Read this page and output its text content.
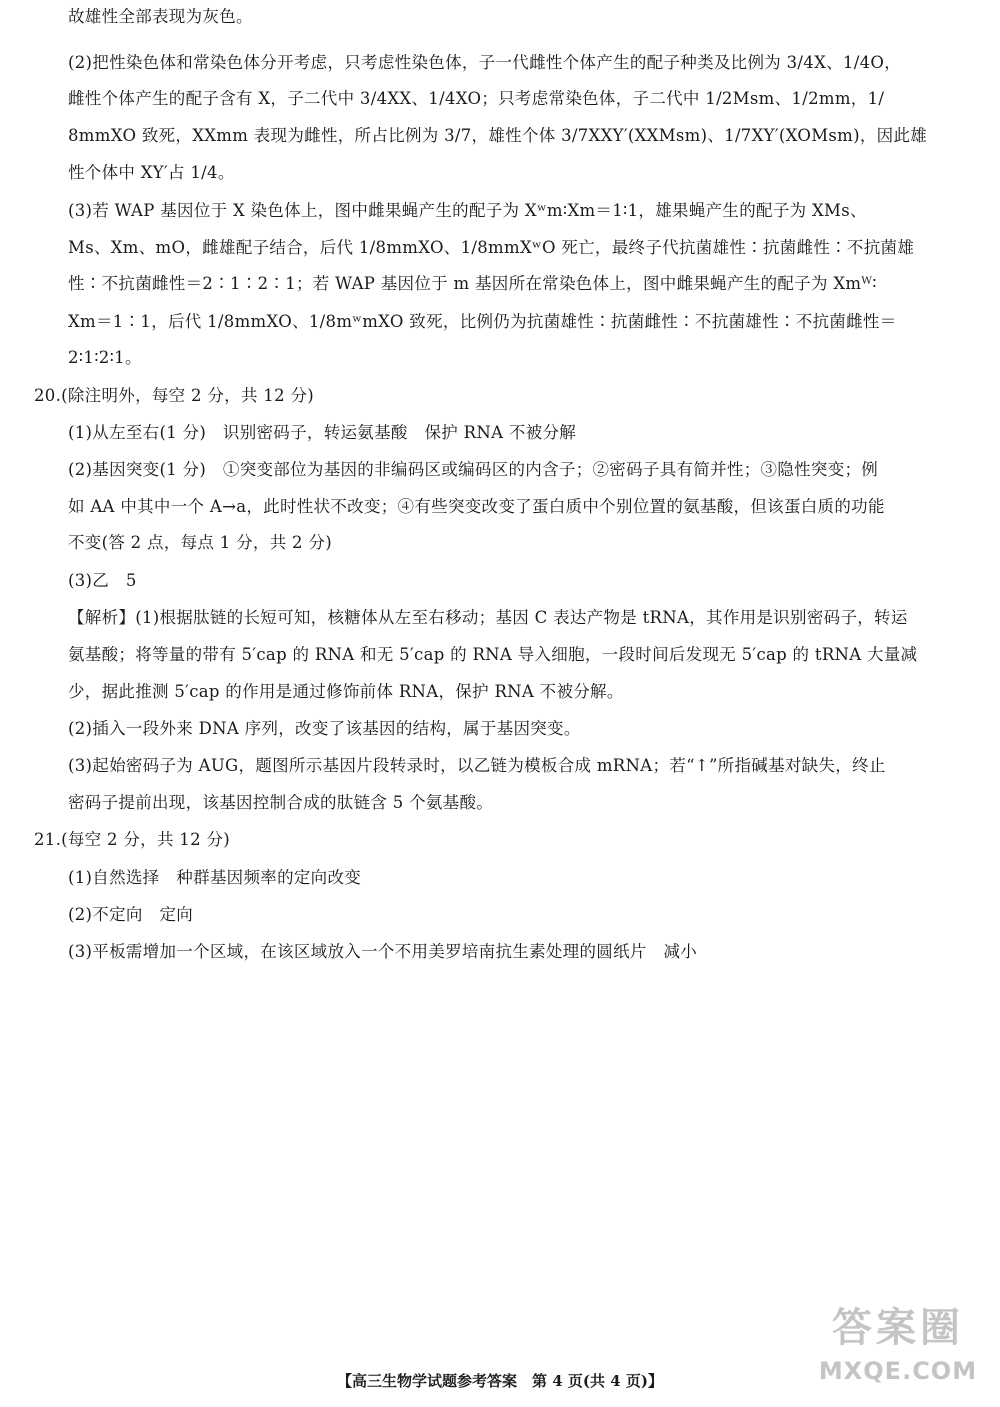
故雄性全部表现为灰色。
(2)把性染色体和常染色体分开考虑，只考虑性染色体，子一代雌性个体产生的配子种类及比例为 3/4X、1/4O，
雌性个体产生的配子含有 X，子二代中 3/4XX、1/4XO；只考虑常染色体，子二代中 1/2Msm、1/2mm，1/
8mmXO 致死，XXmm 表现为雌性，所占比例为 3/7，雄性个体 3/7XXY′(XXMsm)、1/7XY′(XOMsm)，因此雄
性个体中 XY′占 1/4。
(3)若 WAP 基因位于 X 染色体上，图中雌果蝇产生的配子为 Xʷm∶Xm＝1∶1，雄果蝇产生的配子为 XMs、
Ms、Xm、mO，雌雄配子结合，后代 1/8mmXO、1/8mmXʷO 死亡，最终子代抗菌雄性∶抗菌雌性∶不抗菌雄
性∶不抗菌雌性＝2∶1∶2∶1；若 WAP 基因位于 m 基因所在常染色体上，图中雌果蝇产生的配子为 Xmᵂ∶
Xm＝1∶1，后代 1/8mmXO、1/8mʷmXO 致死，比例仍为抗菌雄性∶抗菌雌性∶不抗菌雄性∶不抗菌雌性＝
2∶1∶2∶1。
20.(除注明外，每空 2 分，共 12 分)
(1)从左至右(1 分)　识别密码子，转运氨基酸　保护 RNA 不被分解
(2)基因突变(1 分)　①突变部位为基因的非编码区或编码区的内含子；②密码子具有简并性；③隐性突变；例
如 AA 中其中一个 A→a，此时性状不改变；④有些突变改变了蛋白质中个别位置的氨基酸，但该蛋白质的功能
不变(答 2 点，每点 1 分，共 2 分)
(3)乙　5
【解析】(1)根据肽链的长短可知，核糖体从左至右移动；基因 C 表达产物是 tRNA，其作用是识别密码子，转运
氨基酸；将等量的带有 5′cap 的 RNA 和无 5′cap 的 RNA 导入细胞，一段时间后发现无 5′cap 的 tRNA 大量减
少，据此推测 5′cap 的作用是通过修饰前体 RNA，保护 RNA 不被分解。
(2)插入一段外来 DNA 序列，改变了该基因的结构，属于基因突变。
(3)起始密码子为 AUG，题图所示基因片段转录时，以乙链为模板合成 mRNA；若“↑”所指碱基对缺失，终止
密码子提前出现，该基因控制合成的肽链含 5 个氨基酸。
21.(每空 2 分，共 12 分)
(1)自然选择　种群基因频率的定向改变
(2)不定向　定向
(3)平板需增加一个区域，在该区域放入一个不用美罗培南抗生素处理的圆纸片　减小
答案圈
MXQE.COM
【高三生物学试题参考答案　第 4 页(共 4 页)】
